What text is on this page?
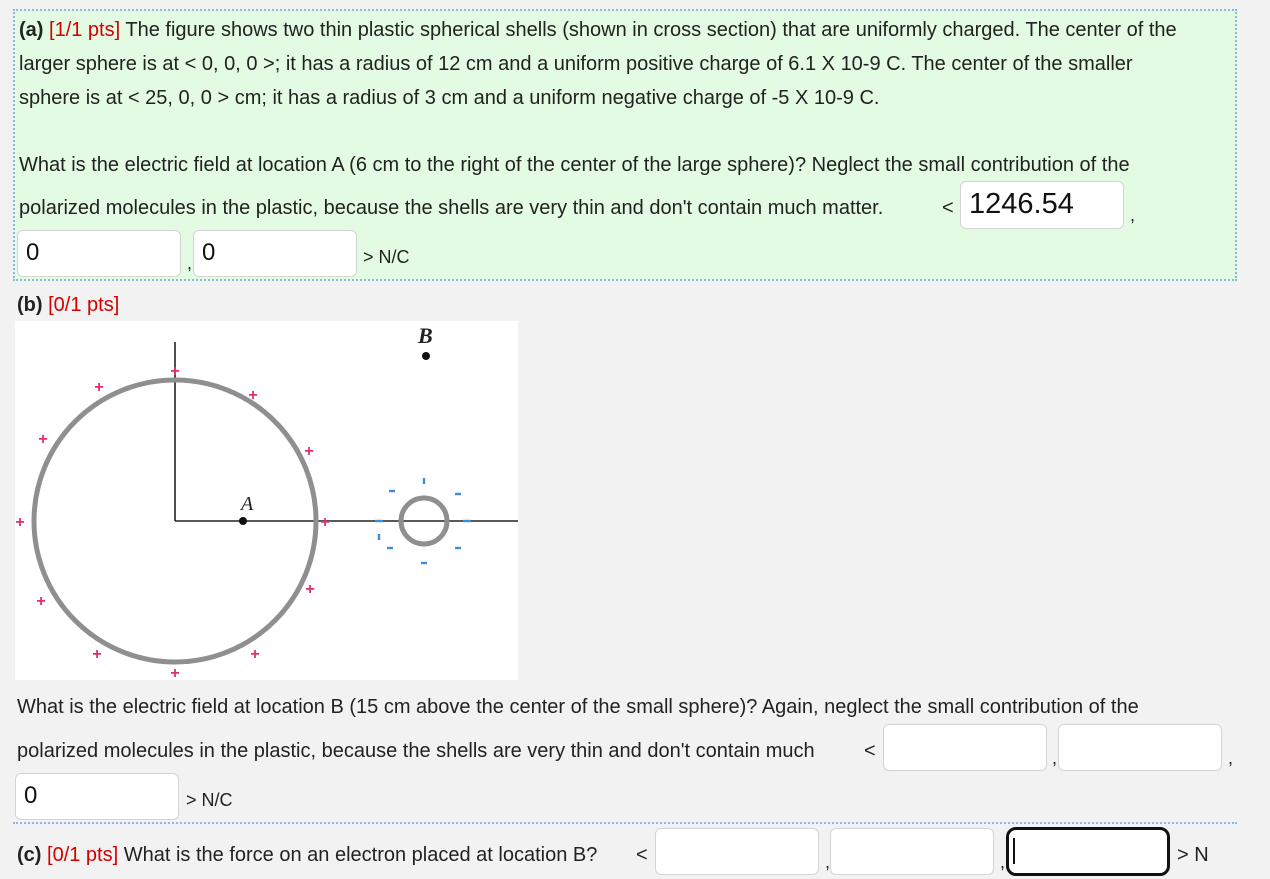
(a) [1/1 pts] The figure shows two thin plastic spherical shells (shown in cross section) that are uniformly charged. The center of the
larger sphere is at < 0, 0, 0 >; it has a radius of 12 cm and a uniform positive charge of 6.1 X 10-9 C. The center of the smaller
sphere is at < 25, 0, 0 > cm; it has a radius of 3 cm and a uniform negative charge of -5 X 10-9 C.
What is the electric field at location A (6 cm to the right of the center of the large sphere)? Neglect the small contribution of the
polarized molecules in the plastic, because the shells are very thin and don't contain much matter.	< 1246.54	,
0	, 0	> N/C
(b) [0/1 pts]
A
B
+
+
+
+
+
+
+
+
+
+
+
+
What is the electric field at location B (15 cm above the center of the small sphere)? Again, neglect the small contribution of the
polarized molecules in the plastic, because the shells are very thin and don't contain much <	,	,
0	> N/C
(c) [0/1 pts] What is the force on an electron placed at location B? <	,	,	> N
